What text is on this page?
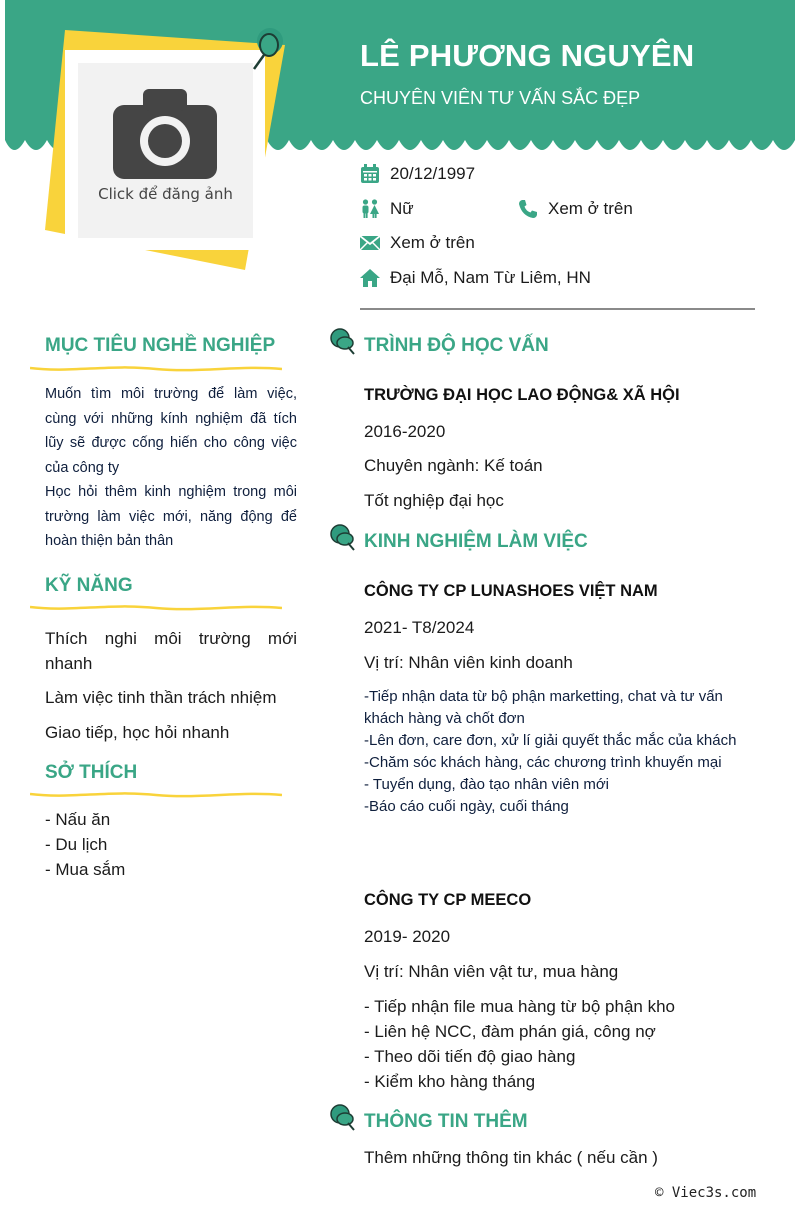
Click để đăng ảnh
LÊ PHƯƠNG NGUYÊN
CHUYÊN VIÊN TƯ VẤN SẮC ĐẸP
20/12/1997
Nữ	Xem ở trên
Xem ở trên
Đại Mỗ, Nam Từ Liêm, HN
MỤC TIÊU NGHỀ NGHIỆP

Muốn tìm môi trường để làm việc, cùng với những kính nghiệm đã tích lũy sẽ được cống hiến cho công việc của công ty

Học hỏi thêm kinh nghiệm trong môi trường làm việc mới, năng động để hoàn thiện bản thân

KỸ NĂNG
Thích nghi môi trường mới nhanh
Làm việc tinh thần trách nhiệm
Giao tiếp, học hỏi nhanh
SỞ THÍCH
- Nấu ăn
- Du lịch
- Mua sắm
TRÌNH ĐỘ HỌC VẤN
TRƯỜNG ĐẠI HỌC LAO ĐỘNG& XÃ HỘI
2016-2020
Chuyên ngành: Kế toán
Tốt nghiệp đại học
KINH NGHIỆM LÀM VIỆC
CÔNG TY CP LUNASHOES VIỆT NAM
2021- T8/2024
Vị trí: Nhân viên kinh doanh
-Tiếp nhận data từ bộ phận marketting, chat và tư vấn khách hàng và chốt đơn
-Lên đơn, care đơn, xử lí giải quyết thắc mắc của khách
-Chăm sóc khách hàng, các chương trình khuyến mại
- Tuyển dụng, đào tạo nhân viên mới
-Báo cáo cuối ngày, cuối tháng
CÔNG TY CP MEECO
2019- 2020
Vị trí: Nhân viên vật tư, mua hàng
- Tiếp nhận file mua hàng từ bộ phận kho
- Liên hệ NCC, đàm phán giá, công nợ
- Theo dõi tiến độ giao hàng
- Kiểm kho hàng tháng
THÔNG TIN THÊM
Thêm những thông tin khác ( nếu cần )
© Viec3s.com
